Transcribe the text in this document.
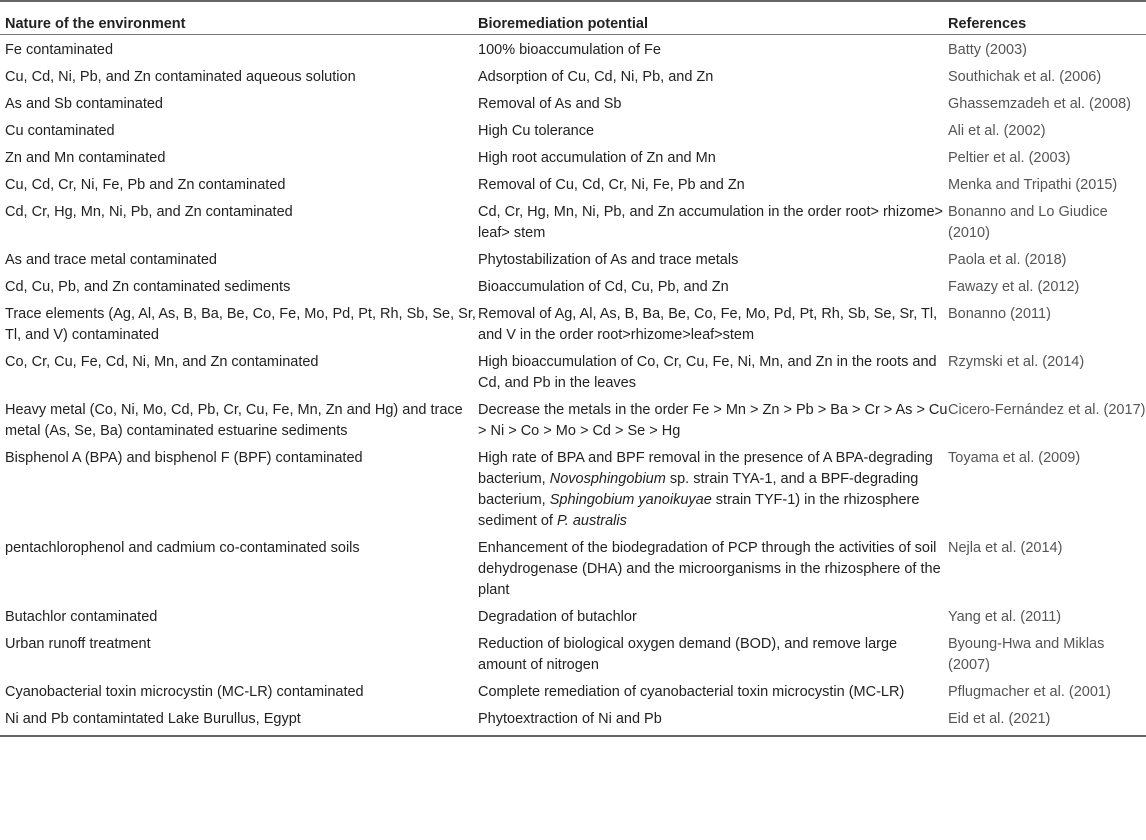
Nature of the environment	Bioremediation potential	References
Fe contaminated	100% bioaccumulation of Fe	Batty (2003)
Cu, Cd, Ni, Pb, and Zn contaminated aqueous solution	Adsorption of Cu, Cd, Ni, Pb, and Zn	Southichak et al. (2006)
As and Sb contaminated	Removal of As and Sb	Ghassemzadeh et al. (2008)
Cu contaminated	High Cu tolerance	Ali et al. (2002)
Zn and Mn contaminated	High root accumulation of Zn and Mn	Peltier et al. (2003)
Cu, Cd, Cr, Ni, Fe, Pb and Zn contaminated	Removal of Cu, Cd, Cr, Ni, Fe, Pb and Zn	Menka and Tripathi (2015)
Cd, Cr, Hg, Mn, Ni, Pb, and Zn contaminated	Cd, Cr, Hg, Mn, Ni, Pb, and Zn accumulation in the order root> rhizome> leaf> stem	Bonanno and Lo Giudice (2010)
As and trace metal contaminated	Phytostabilization of As and trace metals	Paola et al. (2018)
Cd, Cu, Pb, and Zn contaminated sediments	Bioaccumulation of Cd, Cu, Pb, and Zn	Fawazy et al. (2012)
Trace elements (Ag, Al, As, B, Ba, Be, Co, Fe, Mo, Pd, Pt, Rh, Sb, Se, Sr, Tl, and V) contaminated	Removal of Ag, Al, As, B, Ba, Be, Co, Fe, Mo, Pd, Pt, Rh, Sb, Se, Sr, Tl, and V in the order root>rhizome>leaf>stem	Bonanno (2011)
Co, Cr, Cu, Fe, Cd, Ni, Mn, and Zn contaminated	High bioaccumulation of Co, Cr, Cu, Fe, Ni, Mn, and Zn in the roots and Cd, and Pb in the leaves	Rzymski et al. (2014)
Heavy metal (Co, Ni, Mo, Cd, Pb, Cr, Cu, Fe, Mn, Zn and Hg) and trace metal (As, Se, Ba) contaminated estuarine sediments	Decrease the metals in the order Fe > Mn > Zn > Pb > Ba > Cr > As > Cu > Ni > Co > Mo > Cd > Se > Hg	Cicero-Fernández et al. (2017)
Bisphenol A (BPA) and bisphenol F (BPF) contaminated	High rate of BPA and BPF removal in the presence of A BPA-degrading bacterium, Novosphingobium sp. strain TYA-1, and a BPF-degrading bacterium, Sphingobium yanoikuyae strain TYF-1) in the rhizosphere sediment of P. australis	Toyama et al. (2009)
pentachlorophenol and cadmium co-contaminated soils	Enhancement of the biodegradation of PCP through the activities of soil dehydrogenase (DHA) and the microorganisms in the rhizosphere of the plant	Nejla et al. (2014)
Butachlor contaminated	Degradation of butachlor	Yang et al. (2011)
Urban runoff treatment	Reduction of biological oxygen demand (BOD), and remove large amount of nitrogen	Byoung-Hwa and Miklas (2007)
Cyanobacterial toxin microcystin (MC-LR) contaminated	Complete remediation of cyanobacterial toxin microcystin (MC-LR)	Pflugmacher et al. (2001)
Ni and Pb contamintated Lake Burullus, Egypt	Phytoextraction of Ni and Pb	Eid et al. (2021)
